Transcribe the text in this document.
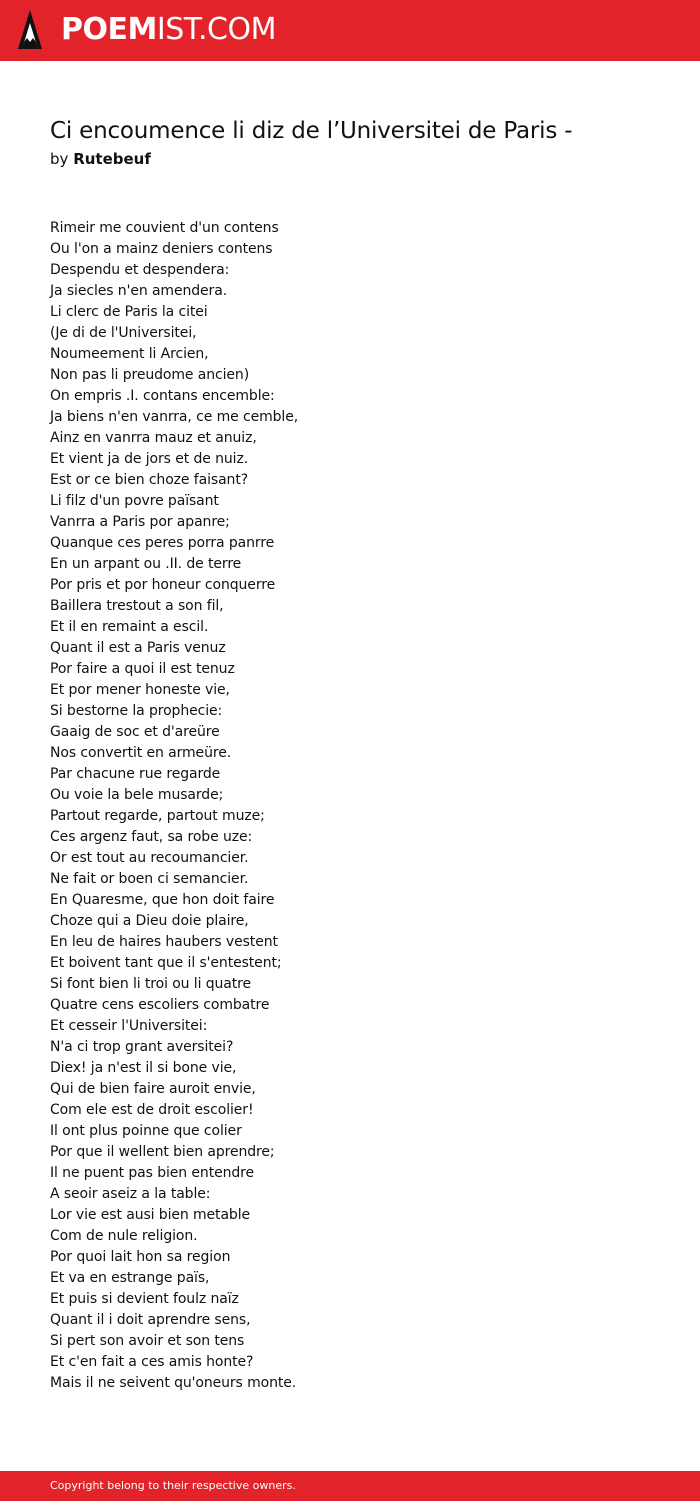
POEMIST.COM
Ci encoumence li diz de l’Universitei de Paris -
by Rutebeuf
Rimeir me couvient d'un contens
Ou l'on a mainz deniers contens
Despendu et despendera:
Ja siecles n'en amendera.
Li clerc de Paris la citei
(Je di de l'Universitei,
Noumeement li Arcien,
Non pas li preudome ancien)
On empris .I. contans encemble:
Ja biens n'en vanrra, ce me cemble,
Ainz en vanrra mauz et anuiz,
Et vient ja de jors et de nuiz.
Est or ce bien choze faisant?
Li filz d'un povre païsant
Vanrra a Paris por apanre;
Quanque ces peres porra panrre
En un arpant ou .II. de terre
Por pris et por honeur conquerre
Baillera trestout a son fil,
Et il en remaint a escil.
Quant il est a Paris venuz
Por faire a quoi il est tenuz
Et por mener honeste vie,
Si bestorne la prophecie:
Gaaig de soc et d'areüre
Nos convertit en armeüre.
Par chacune rue regarde
Ou voie la bele musarde;
Partout regarde, partout muze;
Ces argenz faut, sa robe uze:
Or est tout au recoumancier.
Ne fait or boen ci semancier.
En Quaresme, que hon doit faire
Choze qui a Dieu doie plaire,
En leu de haires haubers vestent
Et boivent tant que il s'entestent;
Si font bien li troi ou li quatre
Quatre cens escoliers combatre
Et cesseir l'Universitei:
N'a ci trop grant aversitei?
Diex! ja n'est il si bone vie,
Qui de bien faire auroit envie,
Com ele est de droit escolier!
Il ont plus poinne que colier
Por que il wellent bien aprendre;
Il ne puent pas bien entendre
A seoir aseiz a la table:
Lor vie est ausi bien metable
Com de nule religion.
Por quoi lait hon sa region
Et va en estrange païs,
Et puis si devient foulz naïz
Quant il i doit aprendre sens,
Si pert son avoir et son tens
Et c'en fait a ces amis honte?
Mais il ne seivent qu'oneurs monte.
Copyright belong to their respective owners.
